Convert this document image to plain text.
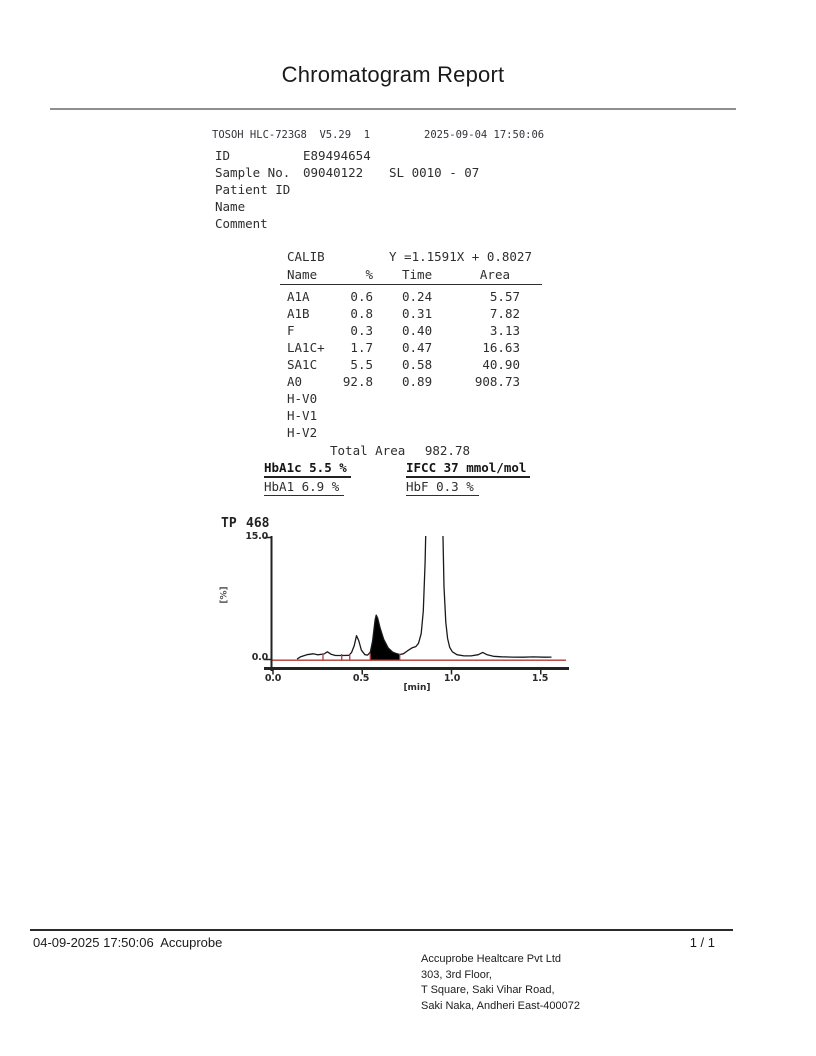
Chromatogram Report
TOSOH HLC-723G8  V5.29  1	2025-09-04 17:50:06
ID	E89494654
Sample No. 09040122 SL 0010 - 07
Patient ID
Name
Comment
CALIB	Y =1.1591X + 0.8027
Name	% Time	Area
A1A	0.6 0.24	5.57
A1B	0.8 0.31	7.82
F	0.3 0.40	3.13
LA1C+	1.7 0.47	16.63
SA1C	5.5 0.58	40.90
A0	92.8 0.89	908.73
H-V0
H-V1
H-V2
Total Area	982.78
HbA1c 5.5 %	IFCC 37 mmol/mol
HbA1 6.9 %	HbF 0.3 %
TP 468
15.0
0.0
[%]
0.0	0.5	1.0	1.5
[min]
04-09-2025 17:50:06  Accuprobe	1 / 1
Accuprobe Healtcare Pvt Ltd
303, 3rd Floor,
T Square, Saki Vihar Road,
Saki Naka, Andheri East-400072
